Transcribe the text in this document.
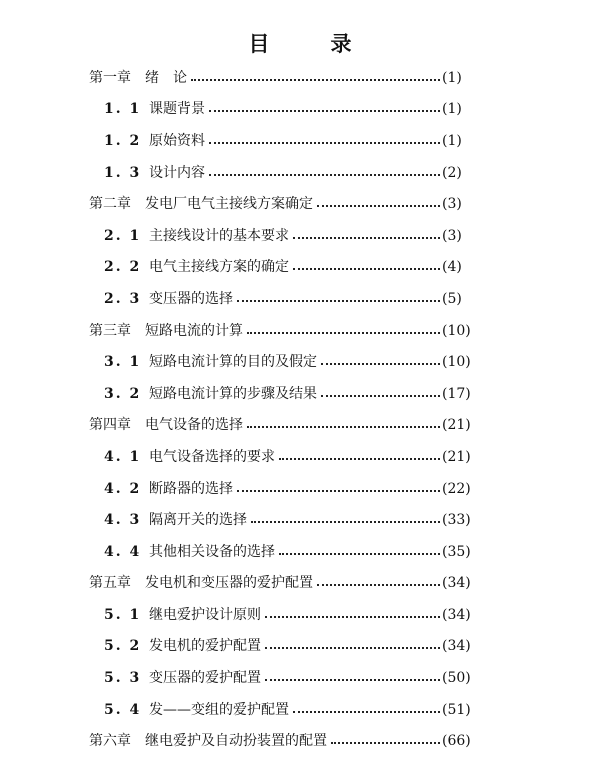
目　录
第一章	绪　论	(1)
1. 1 课题背景	(1)
1. 2 原始资料	(1)
1. 3 设计内容	(2)
第二章	发电厂电气主接线方案确定	(3)
2. 1 主接线设计的基本要求	(3)
2. 2 电气主接线方案的确定	(4)
2. 3 变压器的选择	(5)
第三章	短路电流的计算	(10)
3. 1 短路电流计算的目的及假定	(10)
3. 2 短路电流计算的步骤及结果	(17)
第四章	电气设备的选择	(21)
4. 1 电气设备选择的要求	(21)
4. 2 断路器的选择	(22)
4. 3 隔离开关的选择	(33)
4. 4 其他相关设备的选择	(35)
第五章	发电机和变压器的爱护配置	(34)
5. 1 继电爱护设计原则	(34)
5. 2 发电机的爱护配置	(34)
5. 3 变压器的爱护配置	(50)
5. 4 发——变组的爱护配置	(51)
第六章	继电爱护及自动扮装置的配置	(66)
